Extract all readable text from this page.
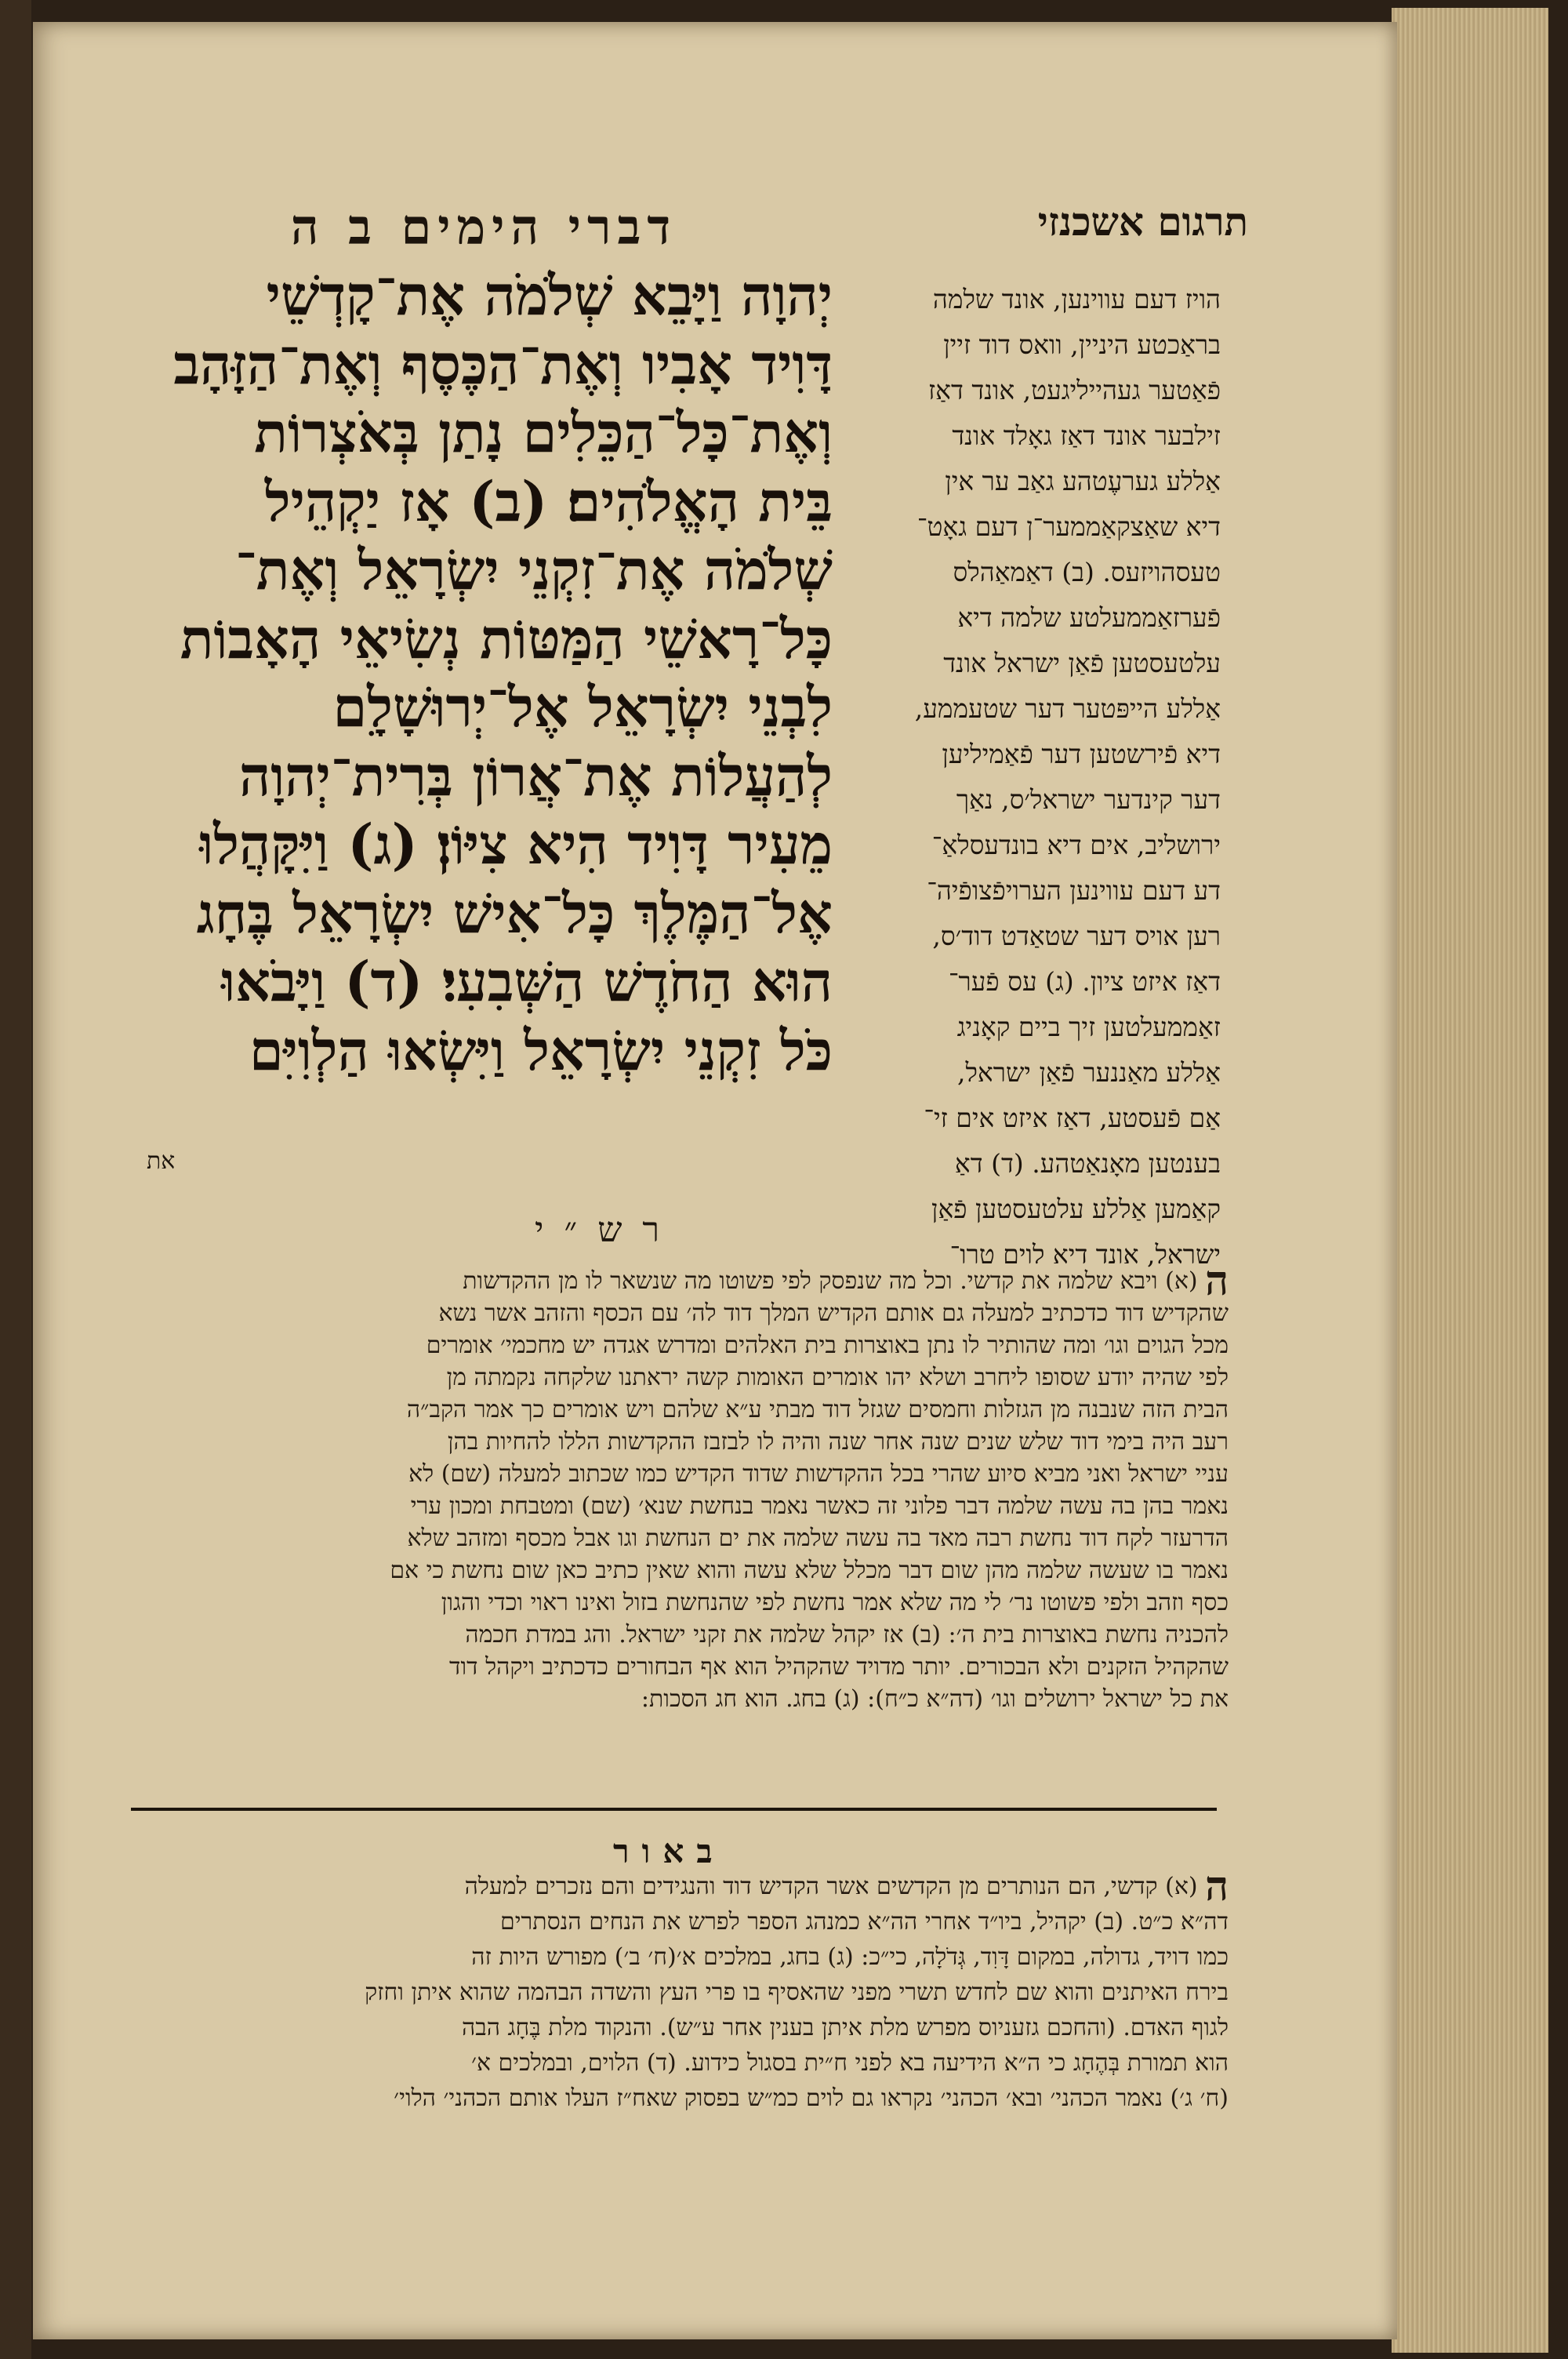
תרגום אשכנזי
דברי הימים ב ה
יְהוָה וַיָּבֵא שְׁלֹמֹה אֶת־קָדְשֵׁי
דָּוִיד אָבִיו וְאֶת־הַכֶּסֶף וְאֶת־הַזָּהָב
וְאֶת־כָּל־הַכֵּלִים נָתַן בְּאֹצְרוֹת
בֵּית הָאֱלֹהִים׃ (ב) אָז יַקְהֵיל
שְׁלֹמֹה אֶת־זִקְנֵי יִשְׂרָאֵל וְאֶת־
כָּל־רָאשֵׁי הַמַּטּוֹת נְשִׂיאֵי הָאָבוֹת
לִבְנֵי יִשְׂרָאֵל אֶל־יְרוּשָׁלִָם
לְהַעֲלוֹת אֶת־אֲרוֹן בְּרִית־יְהוָה
מֵעִיר דָּוִיד הִיא צִיּוֹן׃ (ג) וַיִּקָּהֲלוּ
אֶל־הַמֶּלֶךְ כָּל־אִישׁ יִשְׂרָאֵל בֶּחָג
הוּא הַחֹדֶשׁ הַשְּׁבִעִי׃ (ד) וַיָּבֹאוּ
כֹּל זִקְנֵי יִשְׂרָאֵל וַיִּשְׂאוּ הַלְוִיִּם
את
הויז דעם עווינען, אונד שלמה
בראַכטע היניין, וואס דוד זיין
פֿאַטער געהייליגעט, אונד דאַז
זילבער אונד דאַז גאָלד אונד
אַללע גערעֶטהע גאַב ער אין
דיא שאַצקאַממער־ן דעם גאָט־
טעסהויזעס. (ב) דאַמאַהלס
פֿערזאַממעלטע שלמה דיא
עלטעסטען פֿאַן ישראל אונד
אַללע הייפּטער דער שטעממע,
דיא פֿירשטען דער פֿאַמיליען
דער קינדער ישראל׳ס, נאַך
ירושליב, אים דיא בונדעסלאַ־
דע דעם עווינען הערויפֿצופֿיה־
רען אויס דער שטאַדט דוד׳ס,
דאַז איזט ציון. (ג) עס פֿער־
זאַממעלטען זיך ביים קאָניג
אַללע מאַננער פֿאַן ישראל,
אַם פֿעסטע, דאַז איזט אים זי־
בענטען מאָנאַטהע. (ד) דאַ
קאַמען אַללע עלטעסטען פֿאַן
ישראל, אונד דיא לוים טרו־
רש״י
ה (א) ויבא שלמה את קדשי. וכל מה שנפסק לפי פשוטו מה שנשאר לו מן ההקדשות
שהקדיש דוד כדכתיב למעלה גם אותם הקדיש המלך דוד לה׳ עם הכסף והזהב אשר נשא
מכל הגוים וגו׳ ומה שהותיר לו נתן באוצרות בית האלהים ומדרש אגדה יש מחכמי׳ אומרים
לפי שהיה יודע שסופו ליחרב ושלא יהו אומרים האומות קשה יראתנו שלקחה נקמתה מן
הבית הזה שנבנה מן הגזלות וחמסים שגזל דוד מבתי ע״א שלהם ויש אומרים כך אמר הקב״ה
רעב היה בימי דוד שלש שנים שנה אחר שנה והיה לו לבזבז ההקדשות הללו להחיות בהן
עניי ישראל ואני מביא סיוע שהרי בכל ההקדשות שדוד הקדיש כמו שכתוב למעלה (שם) לא
נאמר בהן בה עשה שלמה דבר פלוני זה כאשר נאמר בנחשת שנא׳ (שם) ומטבחת ומכון ערי
הדרעזר לקח דוד נחשת רבה מאד בה עשה שלמה את ים הנחשת וגו אבל מכסף ומזהב שלא
נאמר בו שעשה שלמה מהן שום דבר מכלל שלא עשה והוא שאין כתיב כאן שום נחשת כי אם
כסף וזהב ולפי פשוטו נר׳ לי מה שלא אמר נחשת לפי שהנחשת בזול ואינו ראוי וכדי והגון
להכניה נחשת באוצרות בית ה׳: (ב) אז יקהל שלמה את זקני ישראל. והג במדת חכמה
שהקהיל הזקנים ולא הבכורים. יותר מדויד שהקהיל הוא אף הבחורים כדכתיב ויקהל דוד
את כל ישראל ירושלים וגו׳ (דה״א כ״ח): (ג) בחג. הוא חג הסכות:
באור
ה (א) קדשי, הם הנותרים מן הקדשים אשר הקדיש דוד והנגידים והם נזכרים למעלה
דה״א כ״ט. (ב) יקהיל, ביו״ד אחרי הה״א כמנהג הספר לפרש את הנחים הנסתרים
כמו דויד, גדולה, במקום דָּוִד, גְּדֹלָה, כי״כ: (ג) בחג, במלכים א׳(ח׳ ב׳) מפורש היות זה
בירח האיתנים והוא שם לחדש תשרי מפני שהאסיף בו פרי העץ והשדה הבהמה שהוא איתן וחזק
לגוף האדם. (והחכם גזעניוס מפרש מלת איתן בענין אחר ע״ש). והנקוד מלת בֶּחָג הבה
הוא תמורת בְּהֶחָג כי ה״א הידיעה בא לפני ח״ית בסגול כידוע. (ד) הלוים, ובמלכים א׳
(ח׳ ג׳) נאמר הכהני׳ ובא׳ הכהני׳ נקראו גם לוים כמ״ש בפסוק שאח״ז העלו אותם הכהני׳ הלוי׳
